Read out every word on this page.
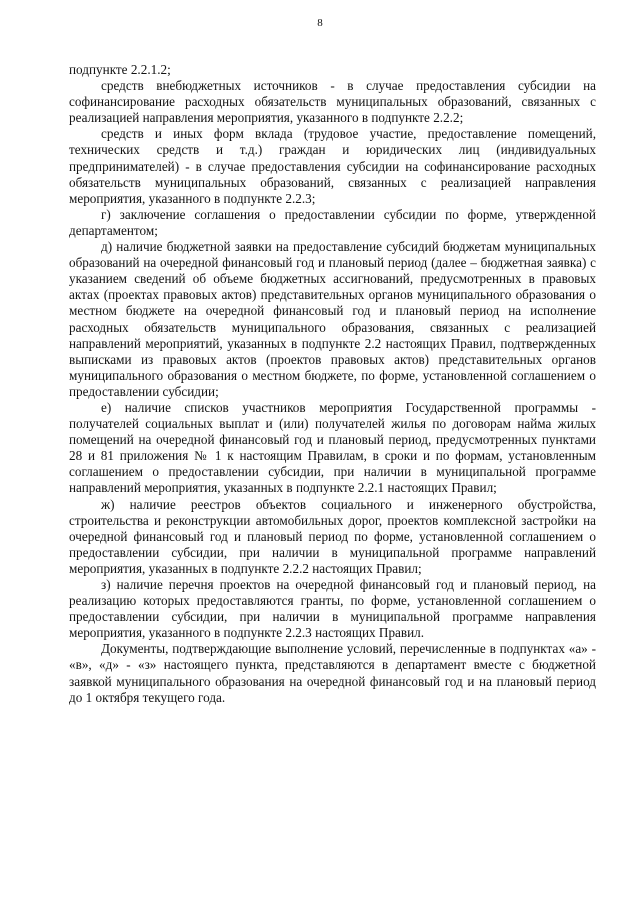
8

подпункте 2.2.1.2;

средств внебюджетных источников - в случае предоставления субсидии на софинансирование расходных обязательств муниципальных образований, связанных с реализацией направления мероприятия, указанного в подпункте 2.2.2;

средств и иных форм вклада (трудовое участие, предоставление помещений, технических средств и т.д.) граждан и юридических лиц (индивидуальных предпринимателей) - в случае предоставления субсидии на софинансирование расходных обязательств муниципальных образований, связанных с реализацией направления мероприятия, указанного в подпункте 2.2.3;

г) заключение соглашения о предоставлении субсидии по форме, утвержденной департаментом;

д) наличие бюджетной заявки на предоставление субсидий бюджетам муниципальных образований на очередной финансовый год и плановый период (далее – бюджетная заявка) с указанием сведений об объеме бюджетных ассигнований, предусмотренных в правовых актах (проектах правовых актов) представительных органов муниципального образования о местном бюджете на очередной финансовый год и плановый период на исполнение расходных обязательств муниципального образования, связанных с реализацией направлений мероприятий, указанных в подпункте 2.2 настоящих Правил, подтвержденных выписками из правовых актов (проектов правовых актов) представительных органов муниципального образования о местном бюджете, по форме, установленной соглашением о предоставлении субсидии;

е) наличие списков участников мероприятия Государственной программы - получателей социальных выплат и (или) получателей жилья по договорам найма жилых помещений на очередной финансовый год и плановый период, предусмотренных пунктами 28 и 81 приложения № 1 к настоящим Правилам, в сроки и по формам, установленным соглашением о предоставлении субсидии, при наличии в муниципальной программе направлений мероприятия, указанных в подпункте 2.2.1 настоящих Правил;

ж) наличие реестров объектов социального и инженерного обустройства, строительства и реконструкции автомобильных дорог, проектов комплексной застройки на очередной финансовый год и плановый период по форме, установленной соглашением о предоставлении субсидии, при наличии в муниципальной программе направлений мероприятия, указанных в подпункте 2.2.2 настоящих Правил;

з) наличие перечня проектов на очередной финансовый год и плановый период, на реализацию которых предоставляются гранты, по форме, установленной соглашением о предоставлении субсидии, при наличии в муниципальной программе направления мероприятия, указанного в подпункте 2.2.3 настоящих Правил.

Документы, подтверждающие выполнение условий, перечисленные в подпунктах «а» - «в», «д» - «з» настоящего пункта, представляются в департамент вместе с бюджетной заявкой муниципального образования на очередной финансовый год и на плановый период до 1 октября текущего года.
